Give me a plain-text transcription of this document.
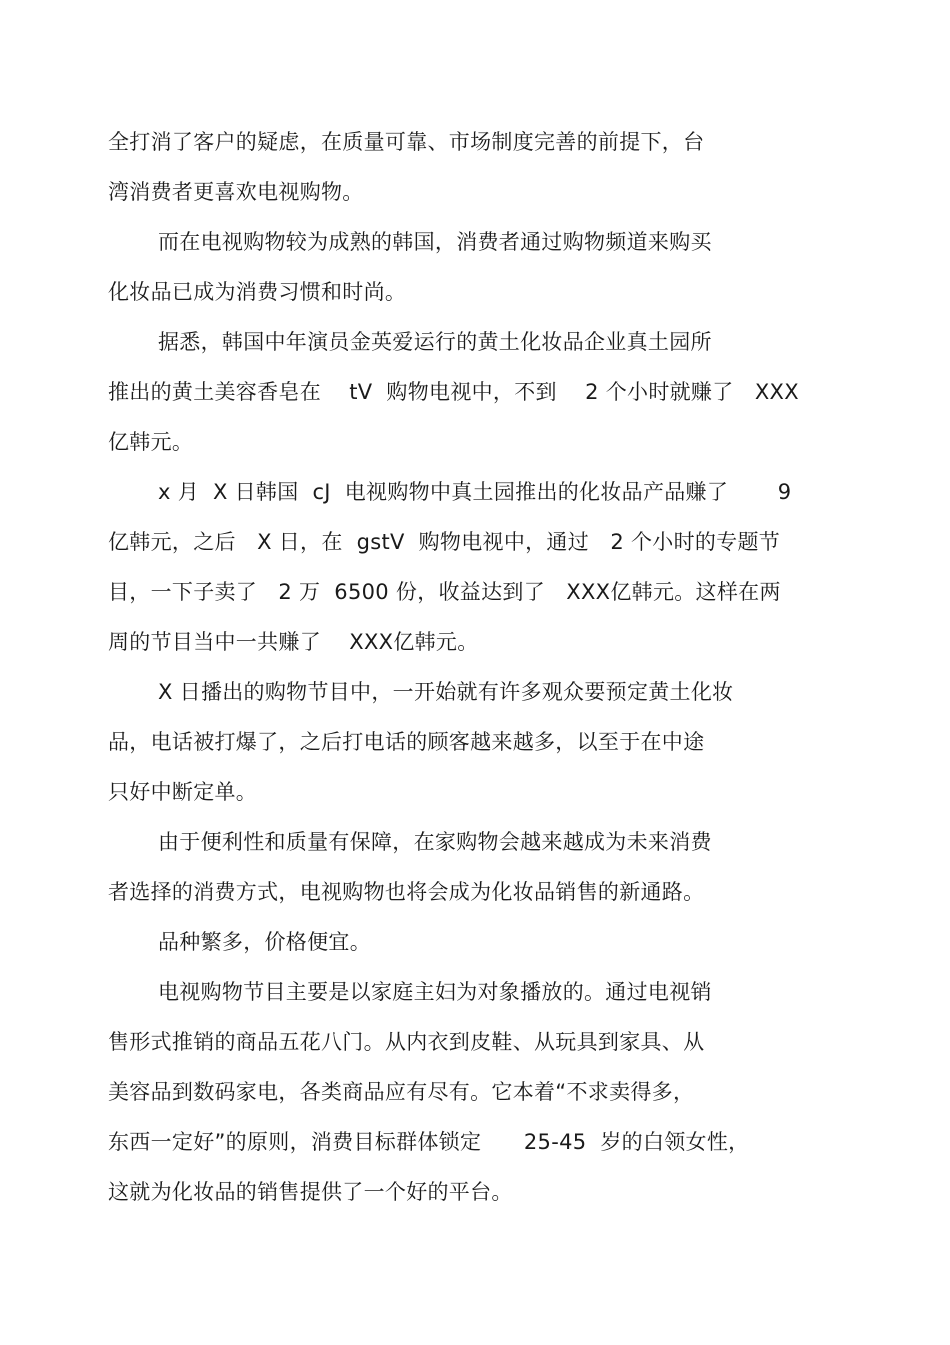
全打消了客户的疑虑，在质量可靠、市场制度完善的前提下，台
湾消费者更喜欢电视购物。
而在电视购物较为成熟的韩国，消费者通过购物频道来购买
化妆品已成为消费习惯和时尚。
据悉，韩国中年演员金英爱运行的黄土化妆品企业真土园所
推出的黄土美容香皂在　 tV  购物电视中，不到　 2 个小时就赚了　XXX
亿韩元。
x 月  X 日韩国  cJ  电视购物中真土园推出的化妆品产品赚了　　 9
亿韩元，之后　X 日，在  gstV  购物电视中，通过　2 个小时的专题节
目，一下子卖了　2 万  6500 份，收益达到了　XXX亿韩元。这样在两
周的节目当中一共赚了　 XXX亿韩元。
X 日播出的购物节目中，一开始就有许多观众要预定黄土化妆
品，电话被打爆了，之后打电话的顾客越来越多，以至于在中途
只好中断定单。
由于便利性和质量有保障，在家购物会越来越成为未来消费
者选择的消费方式，电视购物也将会成为化妆品销售的新通路。
品种繁多，价格便宜。
电视购物节目主要是以家庭主妇为对象播放的。通过电视销
售形式推销的商品五花八门。从内衣到皮鞋、从玩具到家具、从
美容品到数码家电，各类商品应有尽有。它本着“不求卖得多，
东西一定好”的原则，消费目标群体锁定　　25-45  岁的白领女性，
这就为化妆品的销售提供了一个好的平台。
